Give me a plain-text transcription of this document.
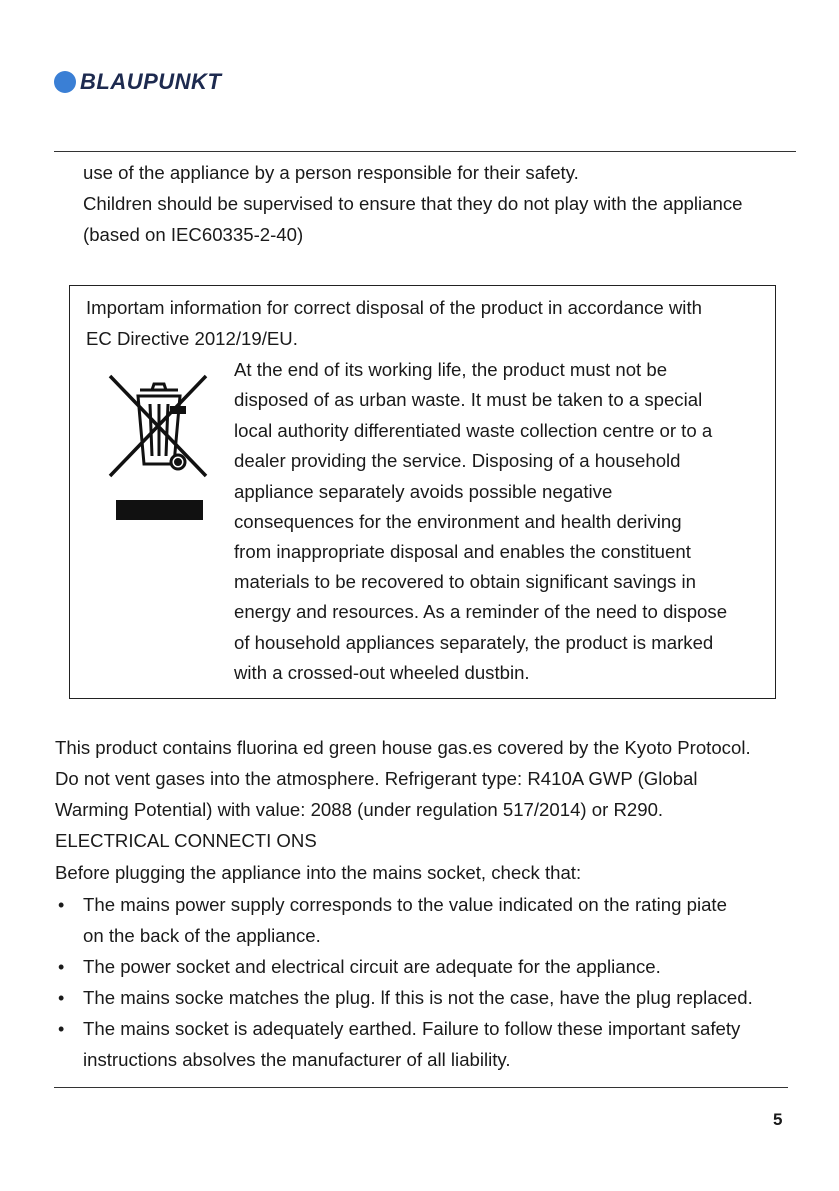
BLAUPUNKT
use of the appliance by a person responsible for their safety.
Children should be supervised to ensure that they do not play with the appliance
(based on IEC60335-2-40)
Importam information for correct disposal of the product in accordance with
EC Directive 2012/19/EU.
At the end of its working life, the product must not be
disposed of as urban waste. It must be taken to a special
local authority differentiated waste collection centre or to a
dealer providing the service. Disposing of a household
appliance separately avoids possible negative
consequences for the environment and health deriving
from inappropriate disposal and enables the constituent
materials to be recovered to obtain significant savings in
energy and resources. As a reminder of the need to dispose
of household appliances separately, the product is marked
with a crossed-out wheeled dustbin.
This product contains fluorina ed green house gas.es covered by the Kyoto Protocol.
Do not vent gases into the atmosphere. Refrigerant type: R410A GWP (Global
Warming Potential) with value: 2088 (under regulation 517/2014) or R290.
ELECTRICAL CONNECTI ONS
Before plugging the appliance into the mains socket, check that:
• The mains power supply corresponds to the value indicated on the rating piate
on the back of the appliance.
• The power socket and electrical circuit are adequate for the appliance.
• The mains socke matches the plug. lf this is not the case, have the plug replaced.
• The mains socket is adequately earthed. Failure to follow these important safety
instructions absolves the manufacturer of all liability.
5
